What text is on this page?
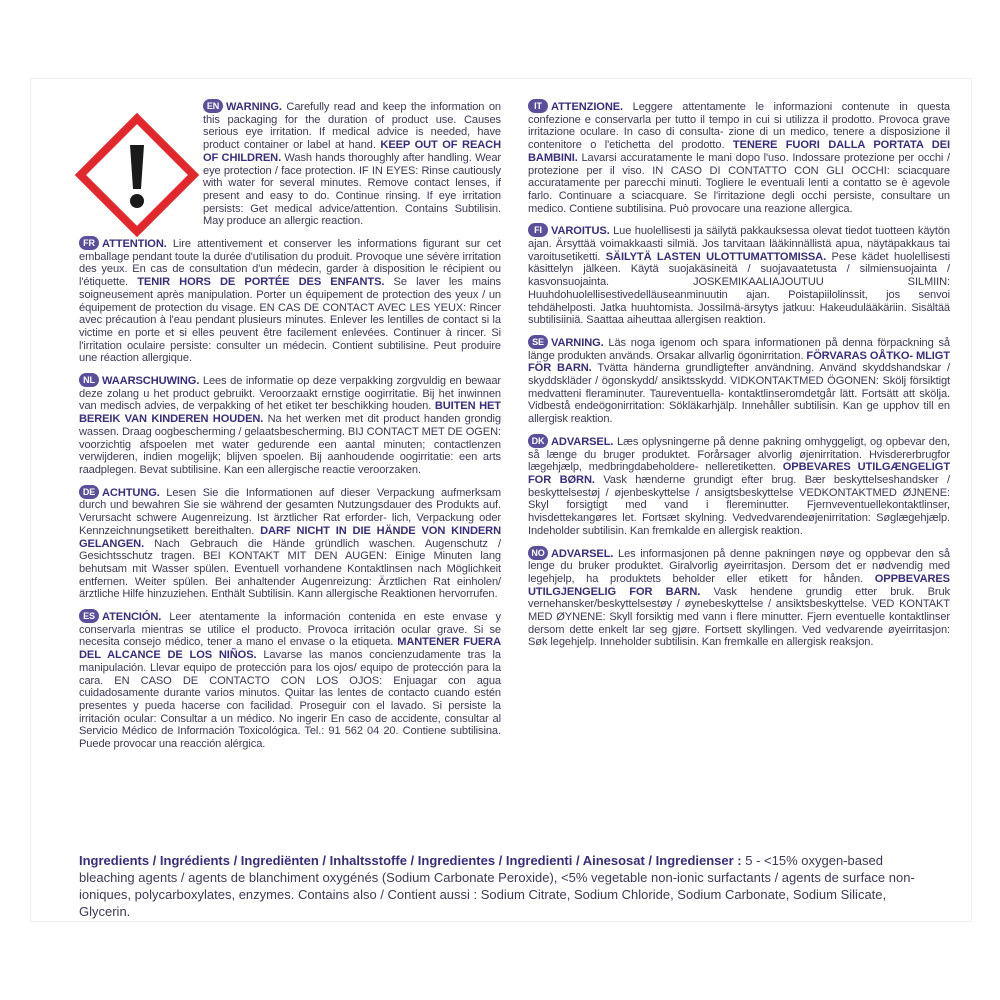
EN WARNING. Carefully read and keep the information on this packaging for the duration of product use. Causes serious eye irritation. If medical advice is needed, have product container or label at hand. KEEP OUT OF REACH OF CHILDREN. Wash hands thoroughly after handling. Wear eye protection / face protection. IF IN EYES: Rinse cautiously with water for several minutes. Remove contact lenses, if present and easy to do. Continue rinsing. If eye irritation persists: Get medical advice/attention. Contains Subtilisin. May produce an allergic reaction.

FR ATTENTION. Lire attentivement et conserver les informations figurant sur cet emballage pendant toute la durée d'utilisation du produit. Provoque une sévère irritation des yeux. En cas de consultation d'un médecin, garder à disposition le récipient ou l'étiquette. TENIR HORS DE PORTÉE DES ENFANTS. Se laver les mains soigneusement après manipulation. Porter un équipement de protection des yeux / un équipement de protection du visage. EN CAS DE CONTACT AVEC LES YEUX: Rincer avec précaution à l'eau pendant plusieurs minutes. Enlever les lentilles de contact si la victime en porte et si elles peuvent être facilement enlevées. Continuer à rincer. Si l'irritation oculaire persiste: consulter un médecin. Contient subtilisine. Peut produire une réaction allergique.

NL WAARSCHUWING. Lees de informatie op deze verpakking zorgvuldig en bewaar deze zolang u het product gebruikt. Veroorzaakt ernstige oogirritatie. Bij het inwinnen van medisch advies, de verpakking of het etiket ter beschikking houden. BUITEN HET BEREIK VAN KINDEREN HOUDEN. Na het werken met dit product handen grondig wassen. Draag oogbescherming / gelaatsbescherming. BIJ CONTACT MET DE OGEN: voorzichtig afspoelen met water gedurende een aantal minuten; contactlenzen verwijderen, indien mogelijk; blijven spoelen. Bij aanhoudende oogirritatie: een arts raadplegen. Bevat subtilisine. Kan een allergische reactie veroorzaken.

DE ACHTUNG. Lesen Sie die Informationen auf dieser Verpackung aufmerksam durch und bewahren Sie sie während der gesamten Nutzungsdauer des Produkts auf. Verursacht schwere Augenreizung. Ist ärztlicher Rat erforder- lich, Verpackung oder Kennzeichnungsetikett bereithalten. DARF NICHT IN DIE HÄNDE VON KINDERN GELANGEN. Nach Gebrauch die Hände gründlich waschen. Augenschutz / Gesichtsschutz tragen. BEI KONTAKT MIT DEN AUGEN: Einige Minuten lang behutsam mit Wasser spülen. Eventuell vorhandene Kontaktlinsen nach Möglichkeit entfernen. Weiter spülen. Bei anhaltender Augenreizung: Ärztlichen Rat einholen/ärztliche Hilfe hinzuziehen. Enthält Subtilisin. Kann allergische Reaktionen hervorrufen.

ES ATENCIÓN. Leer atentamente la información contenida en este envase y conservarla mientras se utilice el producto. Provoca irritación ocular grave. Si se necesita consejo médico, tener a mano el envase o la etiqueta. MANTENER FUERA DEL ALCANCE DE LOS NIÑOS. Lavarse las manos concienzudamente tras la manipulación. Llevar equipo de protección para los ojos/ equipo de protección para la cara. EN CASO DE CONTACTO CON LOS OJOS: Enjuagar con agua cuidadosamente durante varios minutos. Quitar las lentes de contacto cuando estén presentes y pueda hacerse con facilidad. Proseguir con el lavado. Si persiste la irritación ocular: Consultar a un médico. No ingerir En caso de accidente, consultar al Servicio Médico de Información Toxicológica. Tel.: 91 562 04 20. Contiene subtilisina. Puede provocar una reacción alérgica.

IT ATTENZIONE. Leggere attentamente le informazioni contenute in questa confezione e conservarla per tutto il tempo in cui si utilizza il prodotto. Provoca grave irritazione oculare. In caso di consulta- zione di un medico, tenere a disposizione il contenitore o l'etichetta del prodotto. TENERE FUORI DALLA PORTATA DEI BAMBINI. Lavarsi accuratamente le mani dopo l'uso. Indossare protezione per occhi / protezione per il viso. IN CASO DI CONTATTO CON GLI OCCHI: sciacquare accuratamente per parecchi minuti. Togliere le eventuali lenti a contatto se è agevole farlo. Continuare a sciacquare. Se l'irritazione degli occhi persiste, consultare un medico. Contiene subtilisina. Può provocare una reazione allergica.

FI VAROITUS. Lue huolellisesti ja säilytä pakkauksessa olevat tiedot tuotteen käytön ajan. Ärsyttää voimakkaasti silmiä. Jos tarvitaan lääkinnällistä apua, näytäpakkaus tai varoitusetiketti. SÄILYTÄ LASTEN ULOTTUMATTOMISSA. Pese kädet huolellisesti käsittelyn jälkeen. Käytä suojakäsineitä / suojavaatetusta / silmiensuojainta / kasvonsuojainta. JOSKEMIKAALIAJOUTUU SILMIIN: Huuhdohuolellisestivedelläuseanminuutin ajan. Poistapiilolinssit, jos senvoi tehdähelposti. Jatka huuhtomista. Jossilmä-ärsytys jatkuu: Hakeudulääkäriin. Sisältää subtilisiiniä. Saattaa aiheuttaa allergisen reaktion.

SE VARNING. Läs noga igenom och spara informationen på denna förpackning så länge produkten används. Orsakar allvarlig ögonirritation. FÖRVARAS OÅTKO- MLIGT FÖR BARN. Tvätta händerna grundligtefter användning. Använd skyddshandskar / skyddskläder / ögonskydd/ ansiktsskydd. VIDKONTAKTMED ÖGONEN: Skölj försiktigt medvatteni fleraminuter. Taureventuella- kontaktlinseromdetgår lätt. Fortsätt att skölja. Vidbestå endeögonirritation: Sökläkarhjälp. Innehåller subtilisin. Kan ge upphov till en allergisk reaktion.

DK ADVARSEL. Læs oplysningerne på denne pakning omhyggeligt, og opbevar den, så længe du bruger produktet. Forårsager alvorlig øjenirritation. Hvisdererbrugfor lægehjælp, medbringdabeholdere- nelleretiketten. OPBEVARES UTILGÆNGELIGT FOR BØRN. Vask hænderne grundigt efter brug. Bær beskyttelseshandsker / beskyttelsestøj / øjenbeskyttelse / ansigtsbeskyttelse VEDKONTAKTMED ØJNENE: Skyl forsigtigt med vand i flereminutter. Fjernveventuellekontaktlinser, hvisdettekangøres let. Fortsæt skylning. Vedvedvarendeøjenirritation: Søglægehjælp. Indeholder subtilisin. Kan fremkalde en allergisk reaktion.

NO ADVARSEL. Les informasjonen på denne pakningen nøye og oppbevar den så lenge du bruker produktet. Giralvorlig øyeirritasjon. Dersom det er nødvendig med legehjelp, ha produktets beholder eller etikett for hånden. OPPBEVARES UTILGJENGELIG FOR BARN. Vask hendene grundig etter bruk. Bruk vernehansker/beskyttelsestøy / øynebeskyttelse / ansiktsbeskyttelse. VED KONTAKT MED ØYNENE: Skyll forsiktig med vann i flere minutter. Fjern eventuelle kontaktlinser dersom dette enkelt lar seg gjøre. Fortsett skyllingen. Ved vedvarende øyeirritasjon: Søk legehjelp. Inneholder subtilisin. Kan fremkalle en allergisk reaksjon.

Ingredients / Ingrédients / Ingrediënten / Inhaltsstoffe / Ingredientes / Ingredienti / Ainesosat / Ingredienser : 5 - <15% oxygen-based bleaching agents / agents de blanchiment oxygénés (Sodium Carbonate Peroxide), <5% vegetable non-ionic surfactants / agents de surface non-ioniques, polycarboxylates, enzymes. Contains also / Contient aussi : Sodium Citrate, Sodium Chloride, Sodium Carbonate, Sodium Silicate, Glycerin.
